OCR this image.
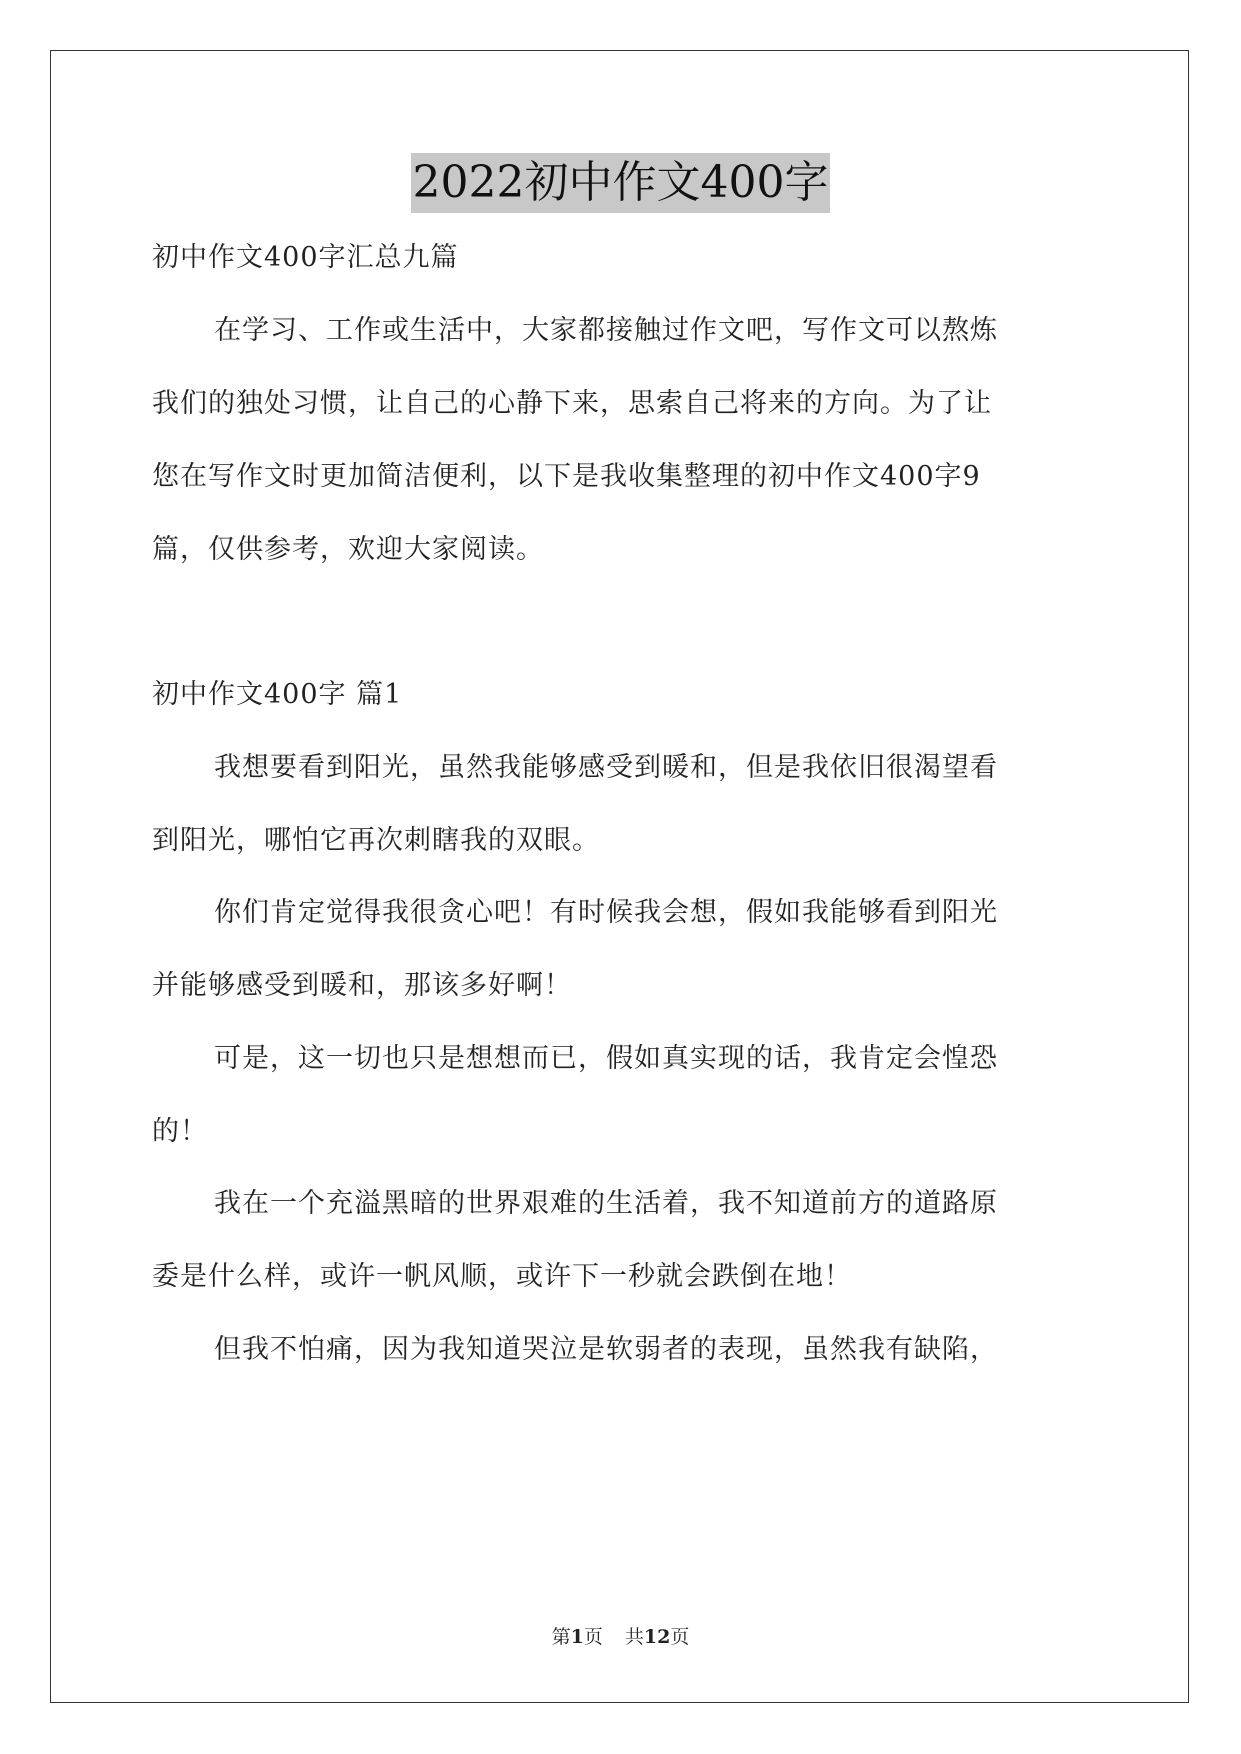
2022初中作文400字
初中作文400字汇总九篇
在学习、工作或生活中，大家都接触过作文吧，写作文可以熬炼
我们的独处习惯，让自己的心静下来，思索自己将来的方向。为了让
您在写作文时更加简洁便利，以下是我收集整理的初中作文400字9
篇，仅供参考，欢迎大家阅读。
初中作文400字 篇1
我想要看到阳光，虽然我能够感受到暖和，但是我依旧很渴望看
到阳光，哪怕它再次刺瞎我的双眼。
你们肯定觉得我很贪心吧！有时候我会想，假如我能够看到阳光
并能够感受到暖和，那该多好啊！
可是，这一切也只是想想而已，假如真实现的话，我肯定会惶恐
的！
我在一个充溢黑暗的世界艰难的生活着，我不知道前方的道路原
委是什么样，或许一帆风顺，或许下一秒就会跌倒在地！
但我不怕痛，因为我知道哭泣是软弱者的表现，虽然我有缺陷，
第1页 共12页
